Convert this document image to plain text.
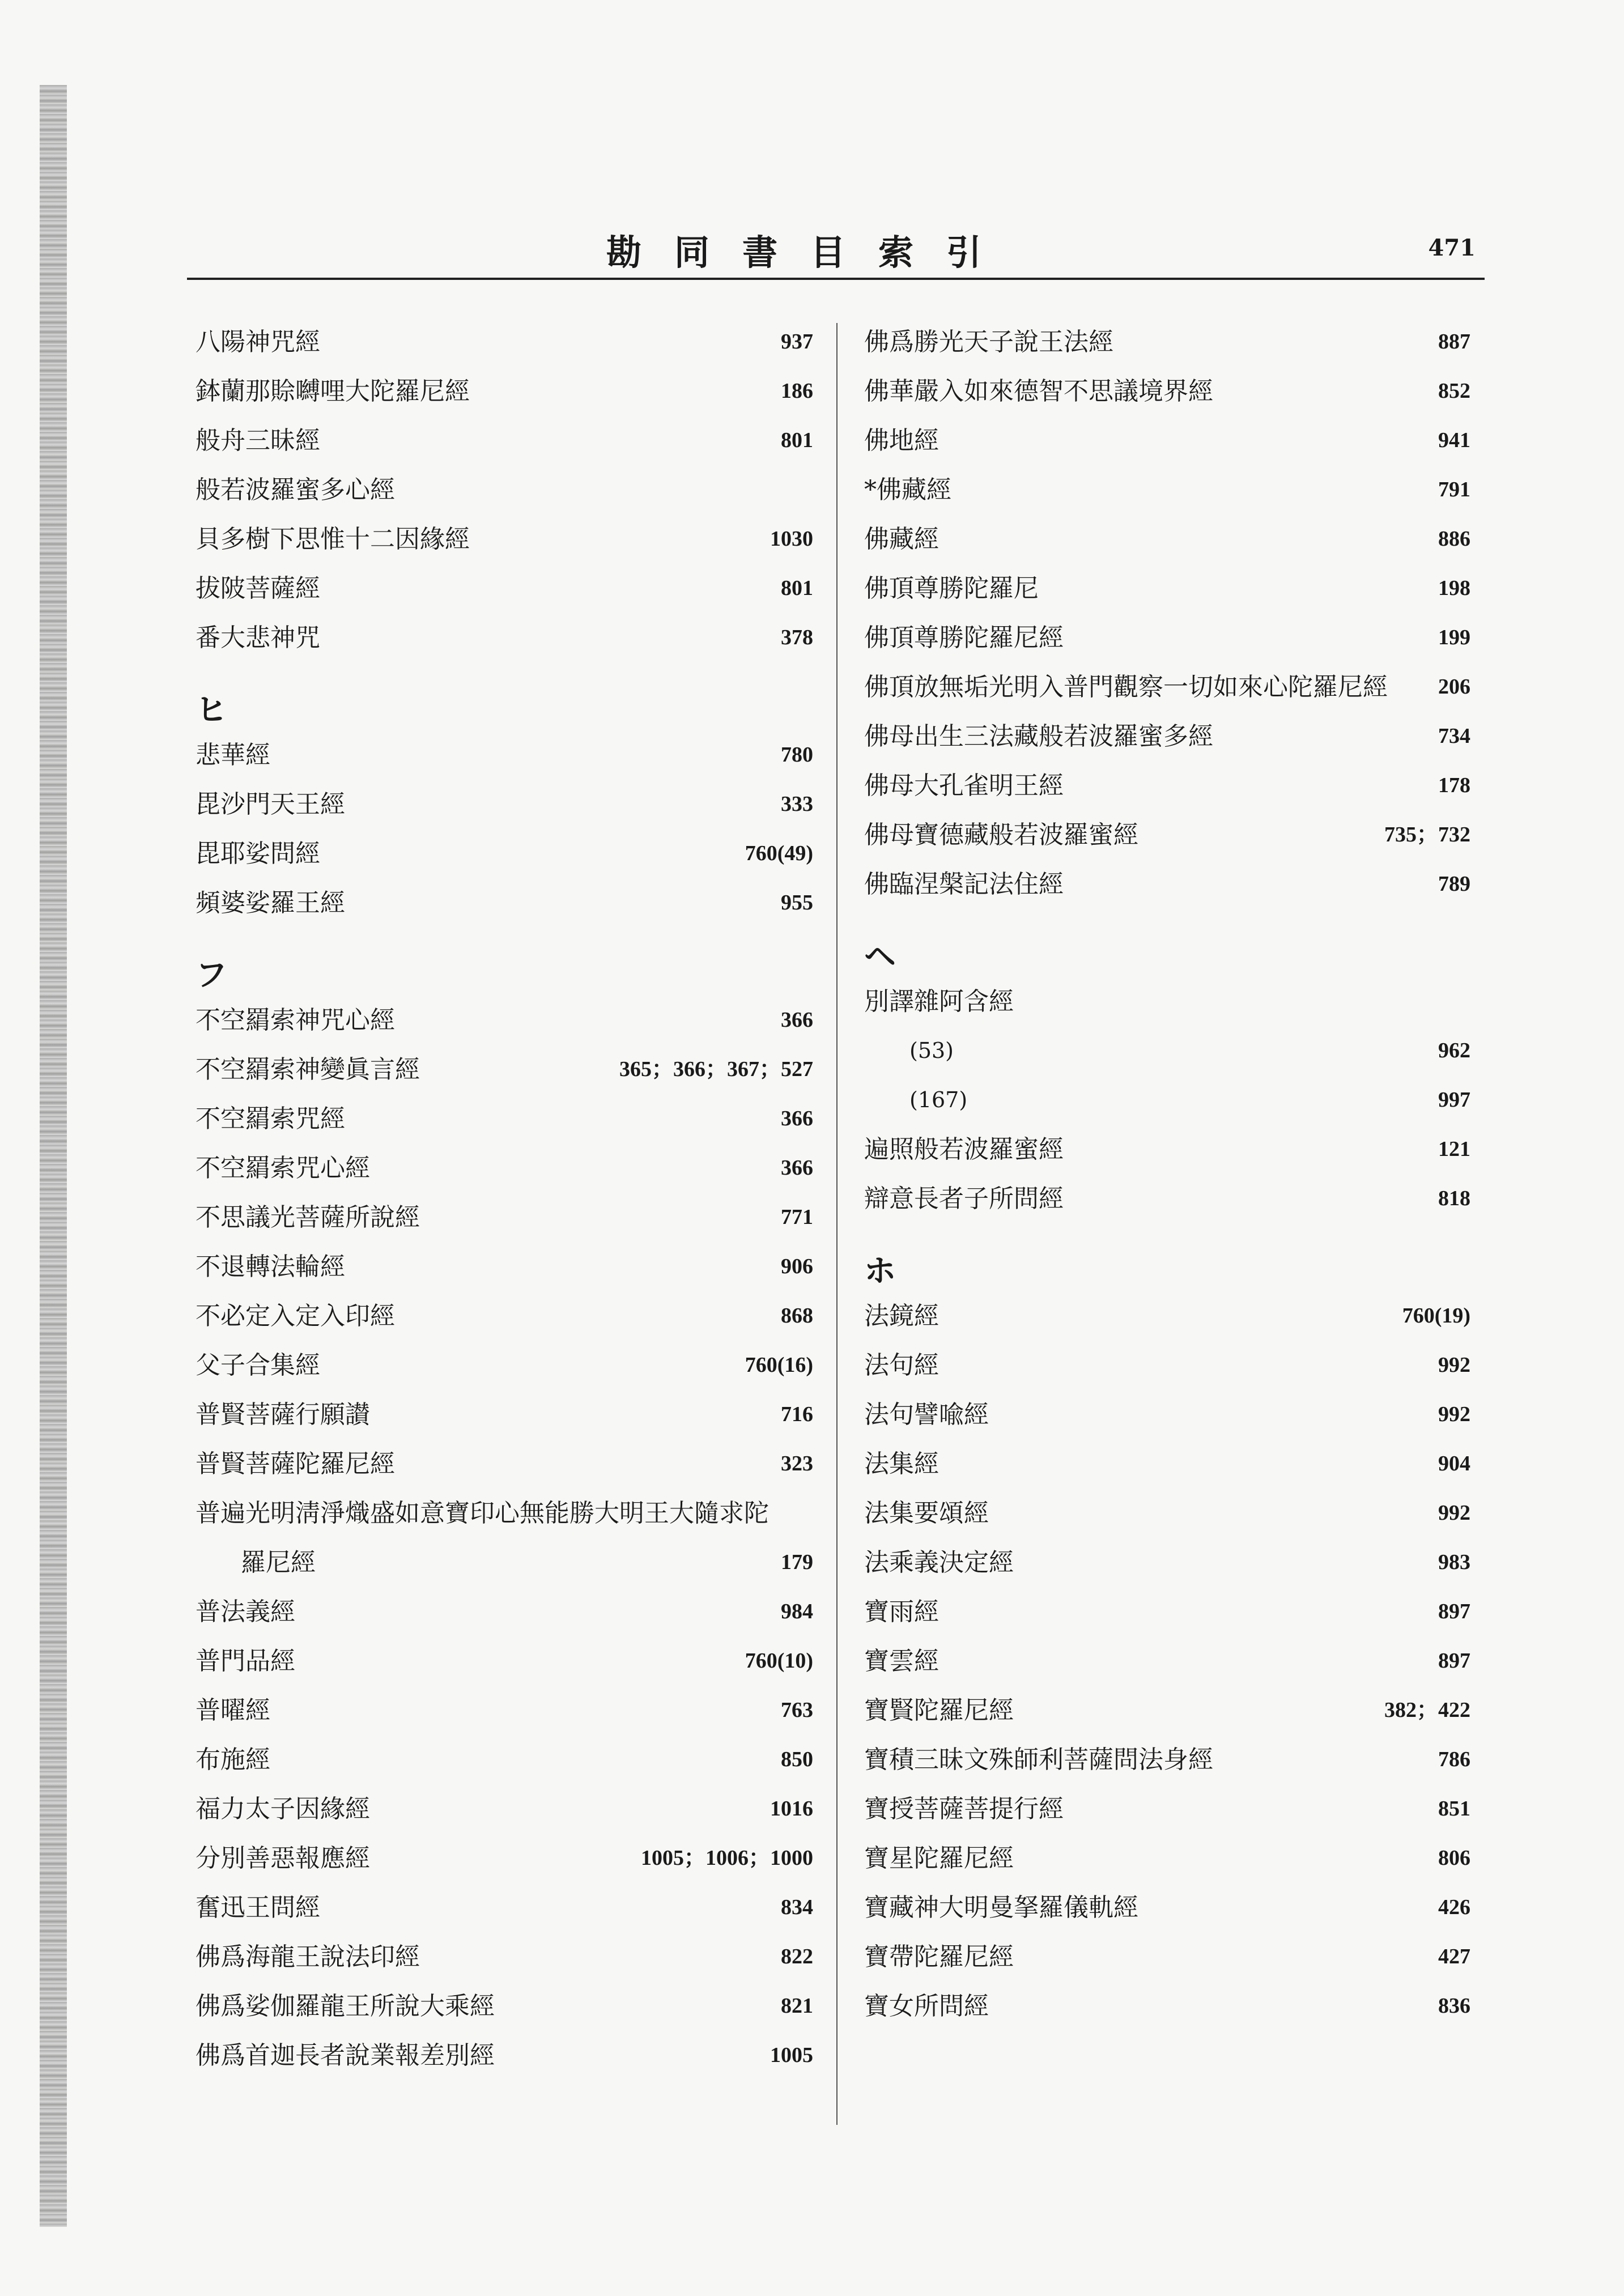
勘同書目索引	471
八陽神咒經	937
鉢蘭那賒嚩哩大陀羅尼經	186
般舟三昧經	801
般若波羅蜜多心經
貝多樹下思惟十二因緣經	1030
拔陂菩薩經	801
番大悲神咒	378
ヒ
悲華經	780
毘沙門天王經	333
毘耶娑問經	760(49)
頻婆娑羅王經	955
フ
不空羂索神咒心經	366
不空羂索神變眞言經	365；366；367；527
不空羂索咒經	366
不空羂索咒心經	366
不思議光菩薩所說經	771
不退轉法輪經	906
不必定入定入印經	868
父子合集經	760(16)
普賢菩薩行願讃	716
普賢菩薩陀羅尼經	323
普遍光明淸淨熾盛如意寶印心無能勝大明王大隨求陀
羅尼經	179
普法義經	984
普門品經	760(10)
普曜經	763
布施經	850
福力太子因緣經	1016
分別善惡報應經	1005；1006；1000
奮迅王問經	834
佛爲海龍王說法印經	822
佛爲娑伽羅龍王所說大乘經	821
佛爲首迦長者說業報差別經	1005
佛爲勝光天子說王法經	887
佛華嚴入如來德智不思議境界經	852
佛地經	941
*佛藏經	791
佛藏經	886
佛頂尊勝陀羅尼	198
佛頂尊勝陀羅尼經	199
佛頂放無垢光明入普門觀察一切如來心陀羅尼經 206
佛母出生三法藏般若波羅蜜多經	734
佛母大孔雀明王經	178
佛母寶德藏般若波羅蜜經	735；732
佛臨涅槃記法住經	789
ヘ
別譯雜阿含經
(53)	962
(167)	997
遍照般若波羅蜜經	121
辯意長者子所問經	818
ホ
法鏡經	760(19)
法句經	992
法句譬喩經	992
法集經	904
法集要頌經	992
法乘義決定經	983
寶雨經	897
寶雲經	897
寶賢陀羅尼經	382；422
寶積三昧文殊師利菩薩問法身經	786
寶授菩薩菩提行經	851
寶星陀羅尼經	806
寶藏神大明曼拏羅儀軌經	426
寶帶陀羅尼經	427
寶女所問經	836
